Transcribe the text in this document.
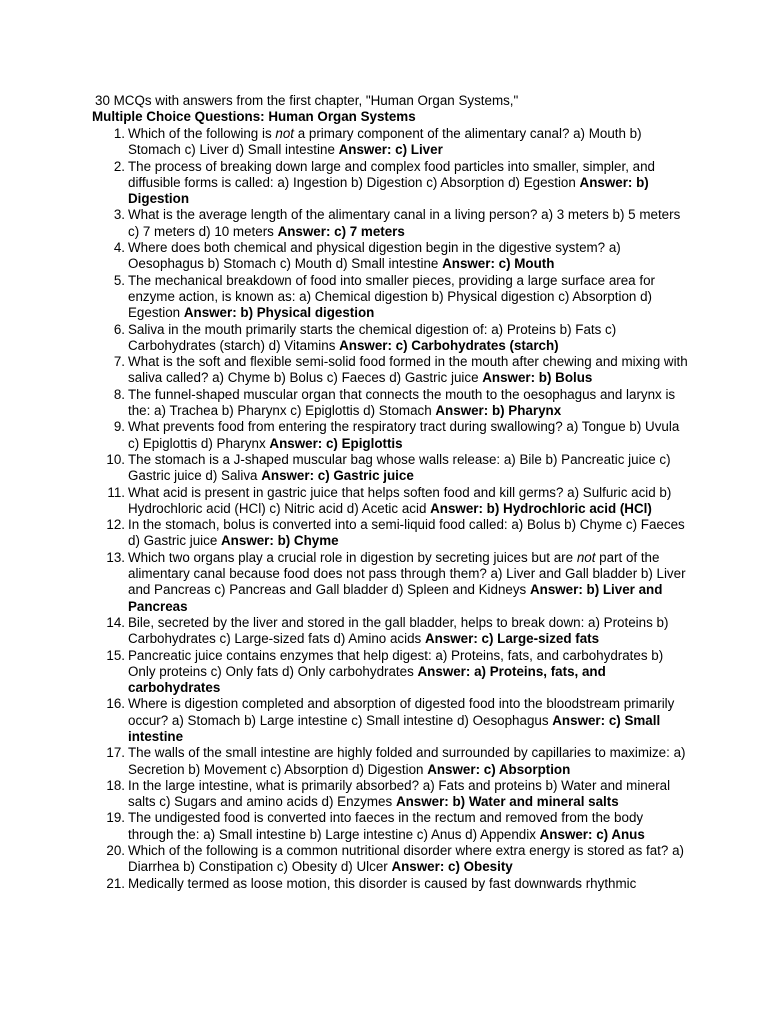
30 MCQs with answers from the first chapter, "Human Organ Systems,"
Multiple Choice Questions: Human Organ Systems
1. Which of the following is not a primary component of the alimentary canal? a) Mouth b) Stomach c) Liver d) Small intestine Answer: c) Liver
2. The process of breaking down large and complex food particles into smaller, simpler, and diffusible forms is called: a) Ingestion b) Digestion c) Absorption d) Egestion Answer: b) Digestion
3. What is the average length of the alimentary canal in a living person? a) 3 meters b) 5 meters c) 7 meters d) 10 meters Answer: c) 7 meters
4. Where does both chemical and physical digestion begin in the digestive system? a) Oesophagus b) Stomach c) Mouth d) Small intestine Answer: c) Mouth
5. The mechanical breakdown of food into smaller pieces, providing a large surface area for enzyme action, is known as: a) Chemical digestion b) Physical digestion c) Absorption d) Egestion Answer: b) Physical digestion
6. Saliva in the mouth primarily starts the chemical digestion of: a) Proteins b) Fats c) Carbohydrates (starch) d) Vitamins Answer: c) Carbohydrates (starch)
7. What is the soft and flexible semi-solid food formed in the mouth after chewing and mixing with saliva called? a) Chyme b) Bolus c) Faeces d) Gastric juice Answer: b) Bolus
8. The funnel-shaped muscular organ that connects the mouth to the oesophagus and larynx is the: a) Trachea b) Pharynx c) Epiglottis d) Stomach Answer: b) Pharynx
9. What prevents food from entering the respiratory tract during swallowing? a) Tongue b) Uvula c) Epiglottis d) Pharynx Answer: c) Epiglottis
10. The stomach is a J-shaped muscular bag whose walls release: a) Bile b) Pancreatic juice c) Gastric juice d) Saliva Answer: c) Gastric juice
11. What acid is present in gastric juice that helps soften food and kill germs? a) Sulfuric acid b) Hydrochloric acid (HCl) c) Nitric acid d) Acetic acid Answer: b) Hydrochloric acid (HCl)
12. In the stomach, bolus is converted into a semi-liquid food called: a) Bolus b) Chyme c) Faeces d) Gastric juice Answer: b) Chyme
13. Which two organs play a crucial role in digestion by secreting juices but are not part of the alimentary canal because food does not pass through them? a) Liver and Gall bladder b) Liver and Pancreas c) Pancreas and Gall bladder d) Spleen and Kidneys Answer: b) Liver and Pancreas
14. Bile, secreted by the liver and stored in the gall bladder, helps to break down: a) Proteins b) Carbohydrates c) Large-sized fats d) Amino acids Answer: c) Large-sized fats
15. Pancreatic juice contains enzymes that help digest: a) Proteins, fats, and carbohydrates b) Only proteins c) Only fats d) Only carbohydrates Answer: a) Proteins, fats, and carbohydrates
16. Where is digestion completed and absorption of digested food into the bloodstream primarily occur? a) Stomach b) Large intestine c) Small intestine d) Oesophagus Answer: c) Small intestine
17. The walls of the small intestine are highly folded and surrounded by capillaries to maximize: a) Secretion b) Movement c) Absorption d) Digestion Answer: c) Absorption
18. In the large intestine, what is primarily absorbed? a) Fats and proteins b) Water and mineral salts c) Sugars and amino acids d) Enzymes Answer: b) Water and mineral salts
19. The undigested food is converted into faeces in the rectum and removed from the body through the: a) Small intestine b) Large intestine c) Anus d) Appendix Answer: c) Anus
20. Which of the following is a common nutritional disorder where extra energy is stored as fat? a) Diarrhea b) Constipation c) Obesity d) Ulcer Answer: c) Obesity
21. Medically termed as loose motion, this disorder is caused by fast downwards rhythmic
